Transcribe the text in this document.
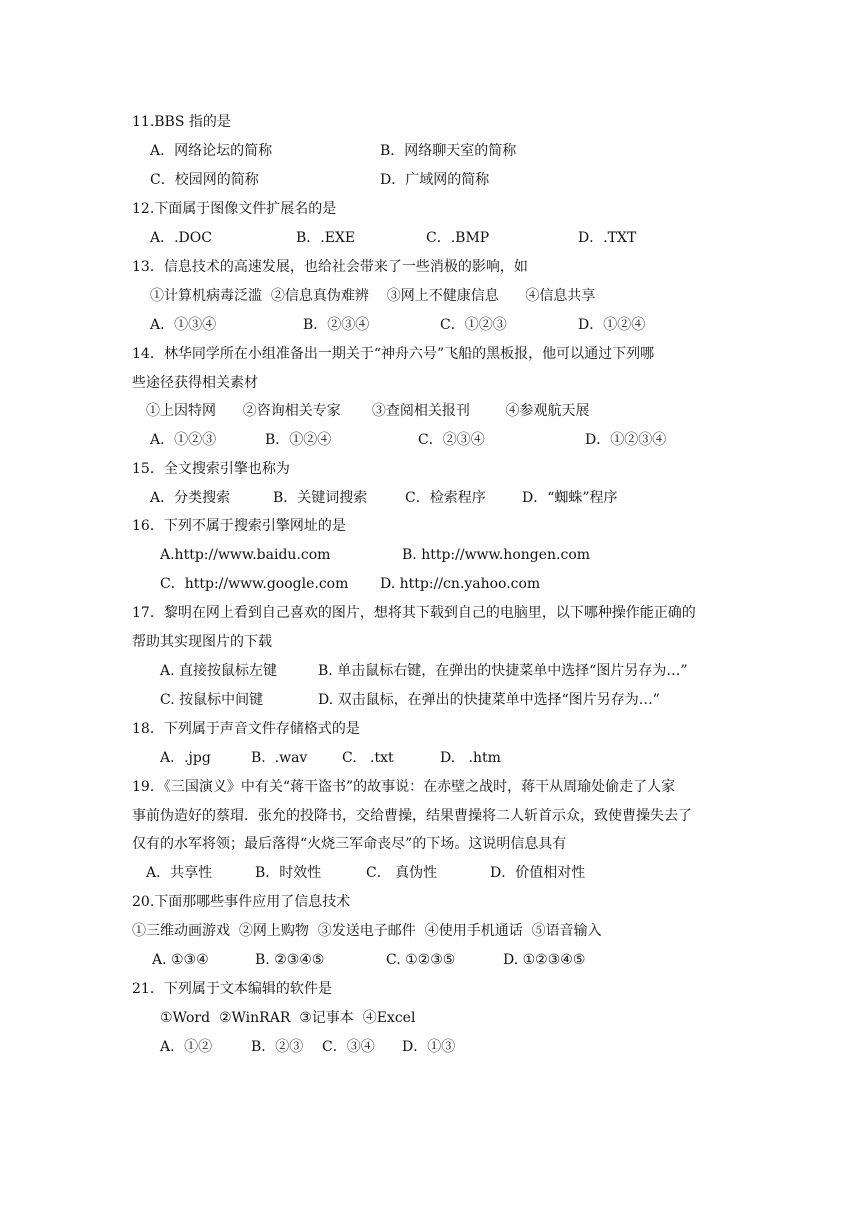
11.BBS 指的是
A．网络论坛的简称	B．网络聊天室的简称
C．校园网的简称	D．广域网的简称
12.下面属于图像文件扩展名的是
A．.DOC	B．.EXE	C．.BMP	D．.TXT
13．信息技术的高速发展，也给社会带来了一些消极的影响，如
①计算机病毒泛滥  ②信息真伪难辨    ③网上不健康信息      ④信息共享
A．①③④	B．②③④	C．①②③	D．①②④
14．林华同学所在小组准备出一期关于“神舟六号”飞船的黑板报，他可以通过下列哪
些途径获得相关素材
①上因特网      ②咨询相关专家       ③查阅相关报刊        ④参观航天展
A．①②③	B．①②④	C．②③④	D．①②③④
15．全文搜索引擎也称为
A．分类搜索	B．关键词搜索	C．检索程序	D．“蜘蛛”程序
16．下列不属于搜索引擎网址的是
A.http://www.baidu.com	B. http://www.hongen.com
C．http://www.google.com D. http://cn.yahoo.com
17．黎明在网上看到自己喜欢的图片，想将其下载到自己的电脑里，以下哪种操作能正确的
帮助其实现图片的下载
A. 直接按鼠标左键	B. 单击鼠标右键，在弹出的快捷菜单中选择“图片另存为…”
C. 按鼠标中间键	D. 双击鼠标，在弹出的快捷菜单中选择“图片另存为…”
18．下列属于声音文件存储格式的是
A．.jpg	B.  .wav C.   .txt	D.   .htm
19．《三国演义》中有关“蒋干盗书”的故事说：在赤壁之战时，蒋干从周瑜处偷走了人家
事前伪造好的蔡瑁．张允的投降书，交给曹操，结果曹操将二人斩首示众，致使曹操失去了
仅有的水军将领；最后落得“火烧三军命丧尽”的下场。这说明信息具有
A．共享性	B．时效性	C． 真伪性	D．价值相对性
20.下面那哪些事件应用了信息技术
①三维动画游戏  ②网上购物  ③发送电子邮件  ④使用手机通话  ⑤语音输入
A. ①③④	B. ②③④⑤	C. ①②③⑤	D. ①②③④⑤
21．下列属于文本编辑的软件是
①Word  ②WinRAR  ③记事本  ④Excel
A．①②	B．②③ C．③④ D．①③
